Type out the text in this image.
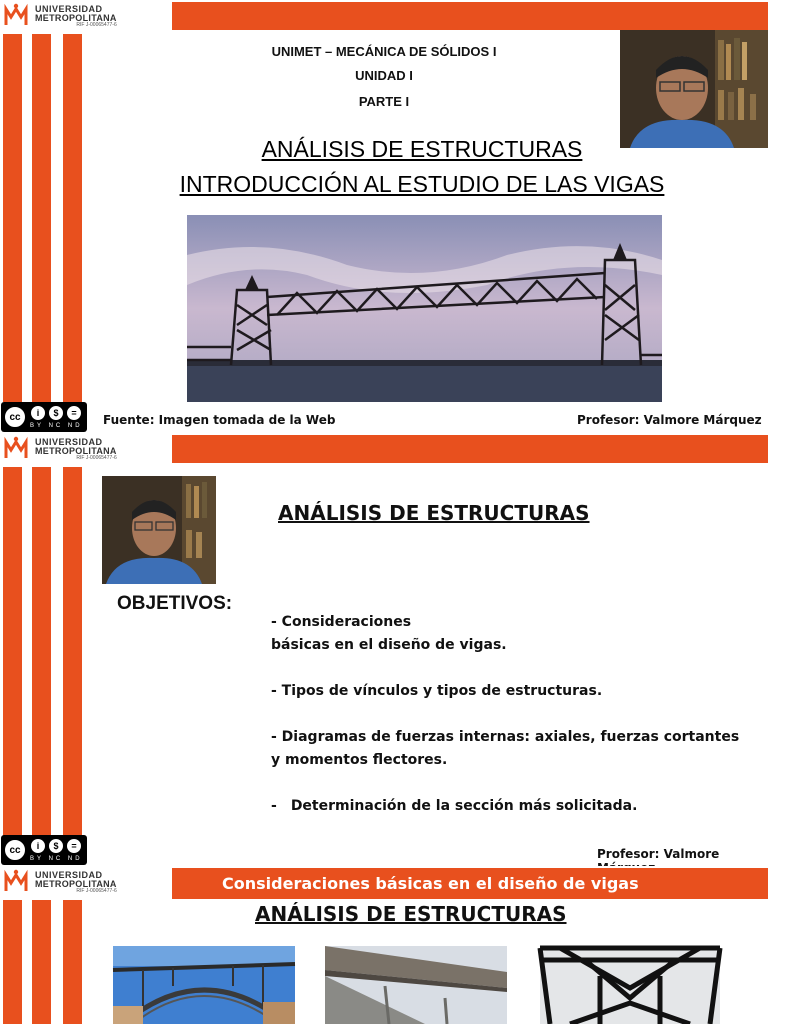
UNIVERSIDAD
METROPOLITANA
RIF J-00065477-6
UNIMET – MECÁNICA DE SÓLIDOS I
UNIDAD I
PARTE I
ANÁLISIS DE ESTRUCTURAS
INTRODUCCIÓN AL ESTUDIO DE LAS VIGAS
cc	i	$	=
BY NC ND Fuente: Imagen tomada de la Web	Profesor: Valmore Márquez
UNIVERSIDAD
METROPOLITANA
RIF J-00065477-6
ANÁLISIS DE ESTRUCTURAS
OBJETIVOS:

- Consideraciones
básicas en el diseño de vigas.

- Tipos de vínculos y tipos de estructuras.

- Diagramas de fuerzas internas: axiales, fuerzas cortantes
y momentos flectores.

- Determinación de la sección más solicitada.
cc	i	$	=
BY NC ND	Profesor: Valmore
Consideraciones básicas en el diseño de vigas
UNIVERSIDAD
METROPOLITANA
RIF J-00065477-6
ANÁLISIS DE ESTRUCTURAS
